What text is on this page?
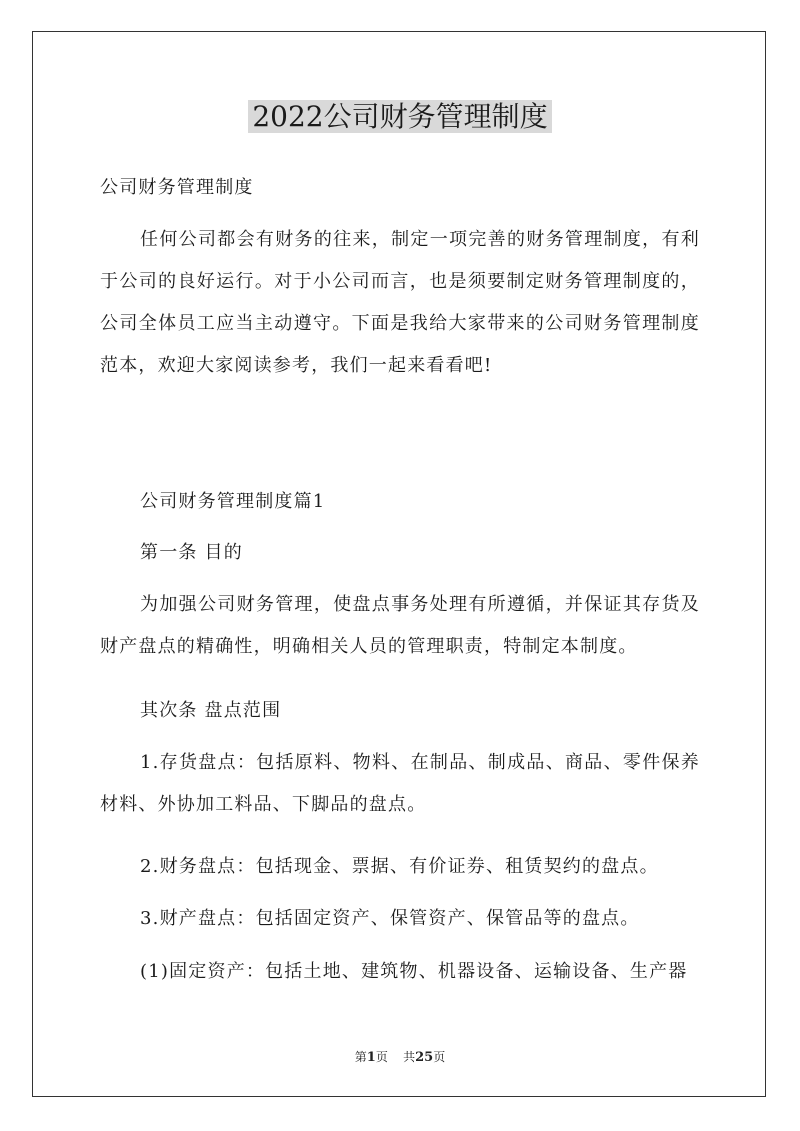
2022公司财务管理制度

公司财务管理制度

任何公司都会有财务的往来，制定一项完善的财务管理制度，有利于公司的良好运行。对于小公司而言，也是须要制定财务管理制度的，公司全体员工应当主动遵守。下面是我给大家带来的公司财务管理制度范本，欢迎大家阅读参考，我们一起来看看吧!

公司财务管理制度篇1

第一条 目的

为加强公司财务管理，使盘点事务处理有所遵循，并保证其存货及财产盘点的精确性，明确相关人员的管理职责，特制定本制度。

其次条 盘点范围

1.存货盘点：包括原料、物料、在制品、制成品、商品、零件保养材料、外协加工料品、下脚品的盘点。

2.财务盘点：包括现金、票据、有价证券、租赁契约的盘点。

3.财产盘点：包括固定资产、保管资产、保管品等的盘点。

(1)固定资产：包括土地、建筑物、机器设备、运输设备、生产器

第1页 共25页
